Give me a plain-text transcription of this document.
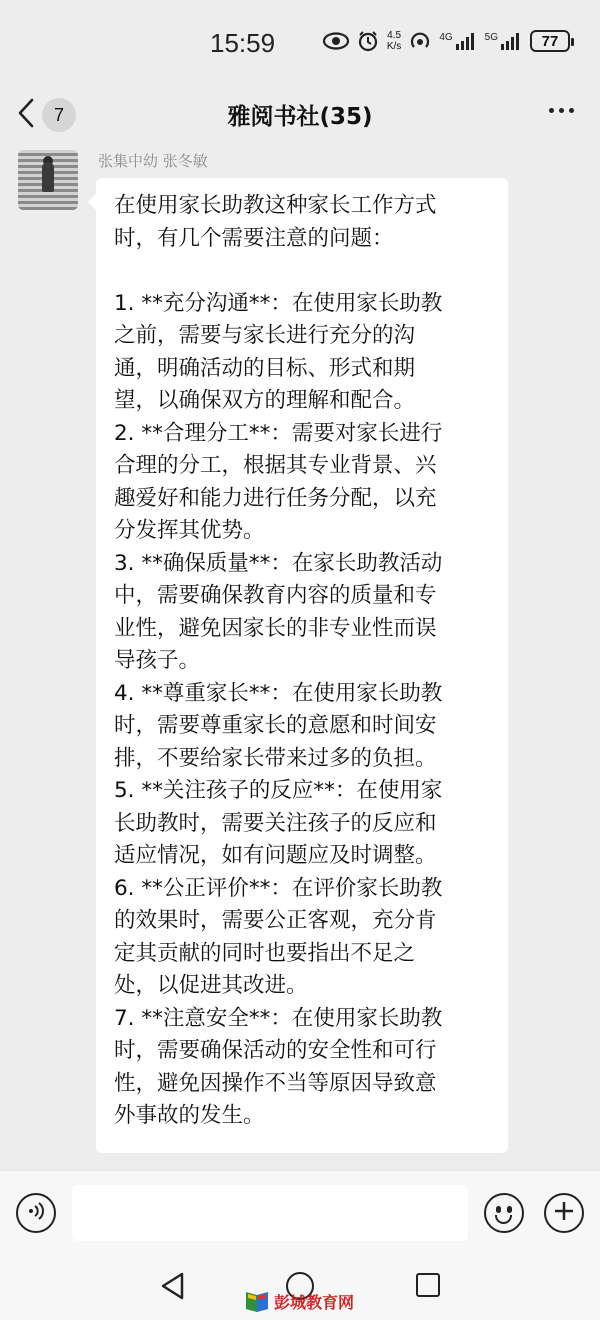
15:59	4.5
K/s
4G	5G	77
7	雅阅书社(35)
张集中幼 张冬敏
在使用家长助教这种家长工作方式
时，有几个需要注意的问题：

1. **充分沟通**：在使用家长助教
之前，需要与家长进行充分的沟
通，明确活动的目标、形式和期
望，以确保双方的理解和配合。
2. **合理分工**：需要对家长进行
合理的分工，根据其专业背景、兴
趣爱好和能力进行任务分配，以充
分发挥其优势。
3. **确保质量**：在家长助教活动
中，需要确保教育内容的质量和专
业性，避免因家长的非专业性而误
导孩子。
4. **尊重家长**：在使用家长助教
时，需要尊重家长的意愿和时间安
排，不要给家长带来过多的负担。
5. **关注孩子的反应**：在使用家
长助教时，需要关注孩子的反应和
适应情况，如有问题应及时调整。
6. **公正评价**：在评价家长助教
的效果时，需要公正客观，充分肯
定其贡献的同时也要指出不足之
处，以促进其改进。
7. **注意安全**：在使用家长助教
时，需要确保活动的安全性和可行
性，避免因操作不当等原因导致意
外事故的发生。
彭城教育网
